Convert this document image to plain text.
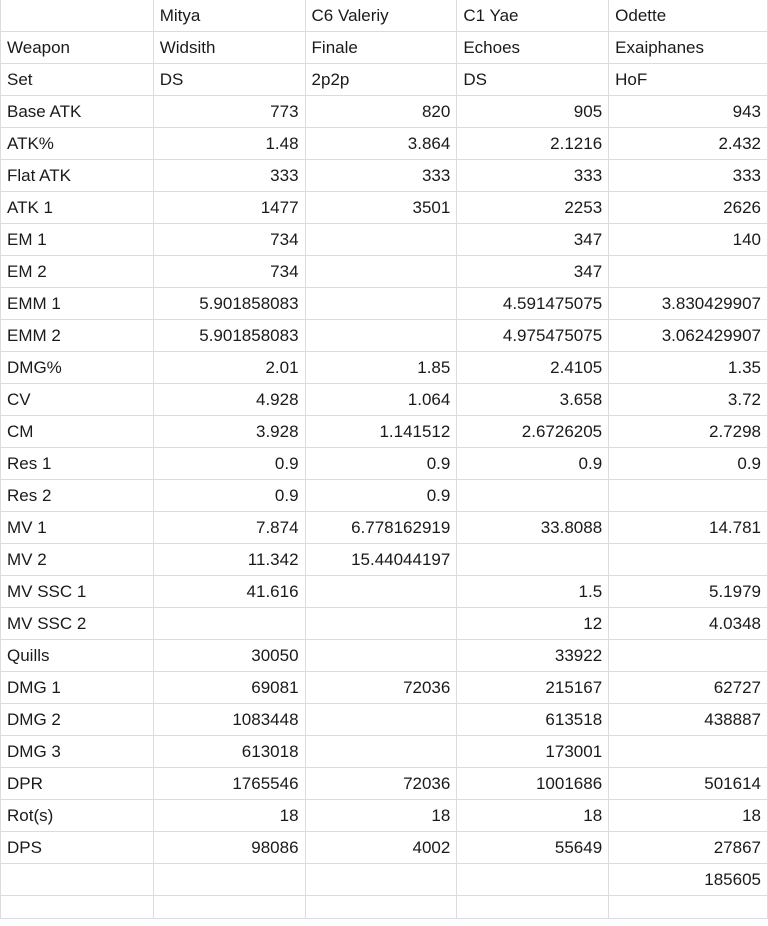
	Mitya	C6 Valeriy	C1 Yae	Odette
Weapon	Widsith	Finale	Echoes	Exaiphanes
Set	DS	2p2p	DS	HoF
Base ATK	773	820	905	943
ATK%	1.48	3.864	2.1216	2.432
Flat ATK	333	333	333	333
ATK 1	1477	3501	2253	2626
EM 1	734		347	140
EM 2	734		347	
EMM 1	5.901858083		4.591475075	3.830429907
EMM 2	5.901858083		4.975475075	3.062429907
DMG%	2.01	1.85	2.4105	1.35
CV	4.928	1.064	3.658	3.72
CM	3.928	1.141512	2.6726205	2.7298
Res 1	0.9	0.9	0.9	0.9
Res 2	0.9	0.9		
MV 1	7.874	6.778162919	33.8088	14.781
MV 2	11.342	15.44044197		
MV SSC 1	41.616		1.5	5.1979
MV SSC 2			12	4.0348
Quills	30050		33922	
DMG 1	69081	72036	215167	62727
DMG 2	1083448		613518	438887
DMG 3	613018		173001	
DPR	1765546	72036	1001686	501614
Rot(s)	18	18	18	18
DPS	98086	4002	55649	27867
				185605
